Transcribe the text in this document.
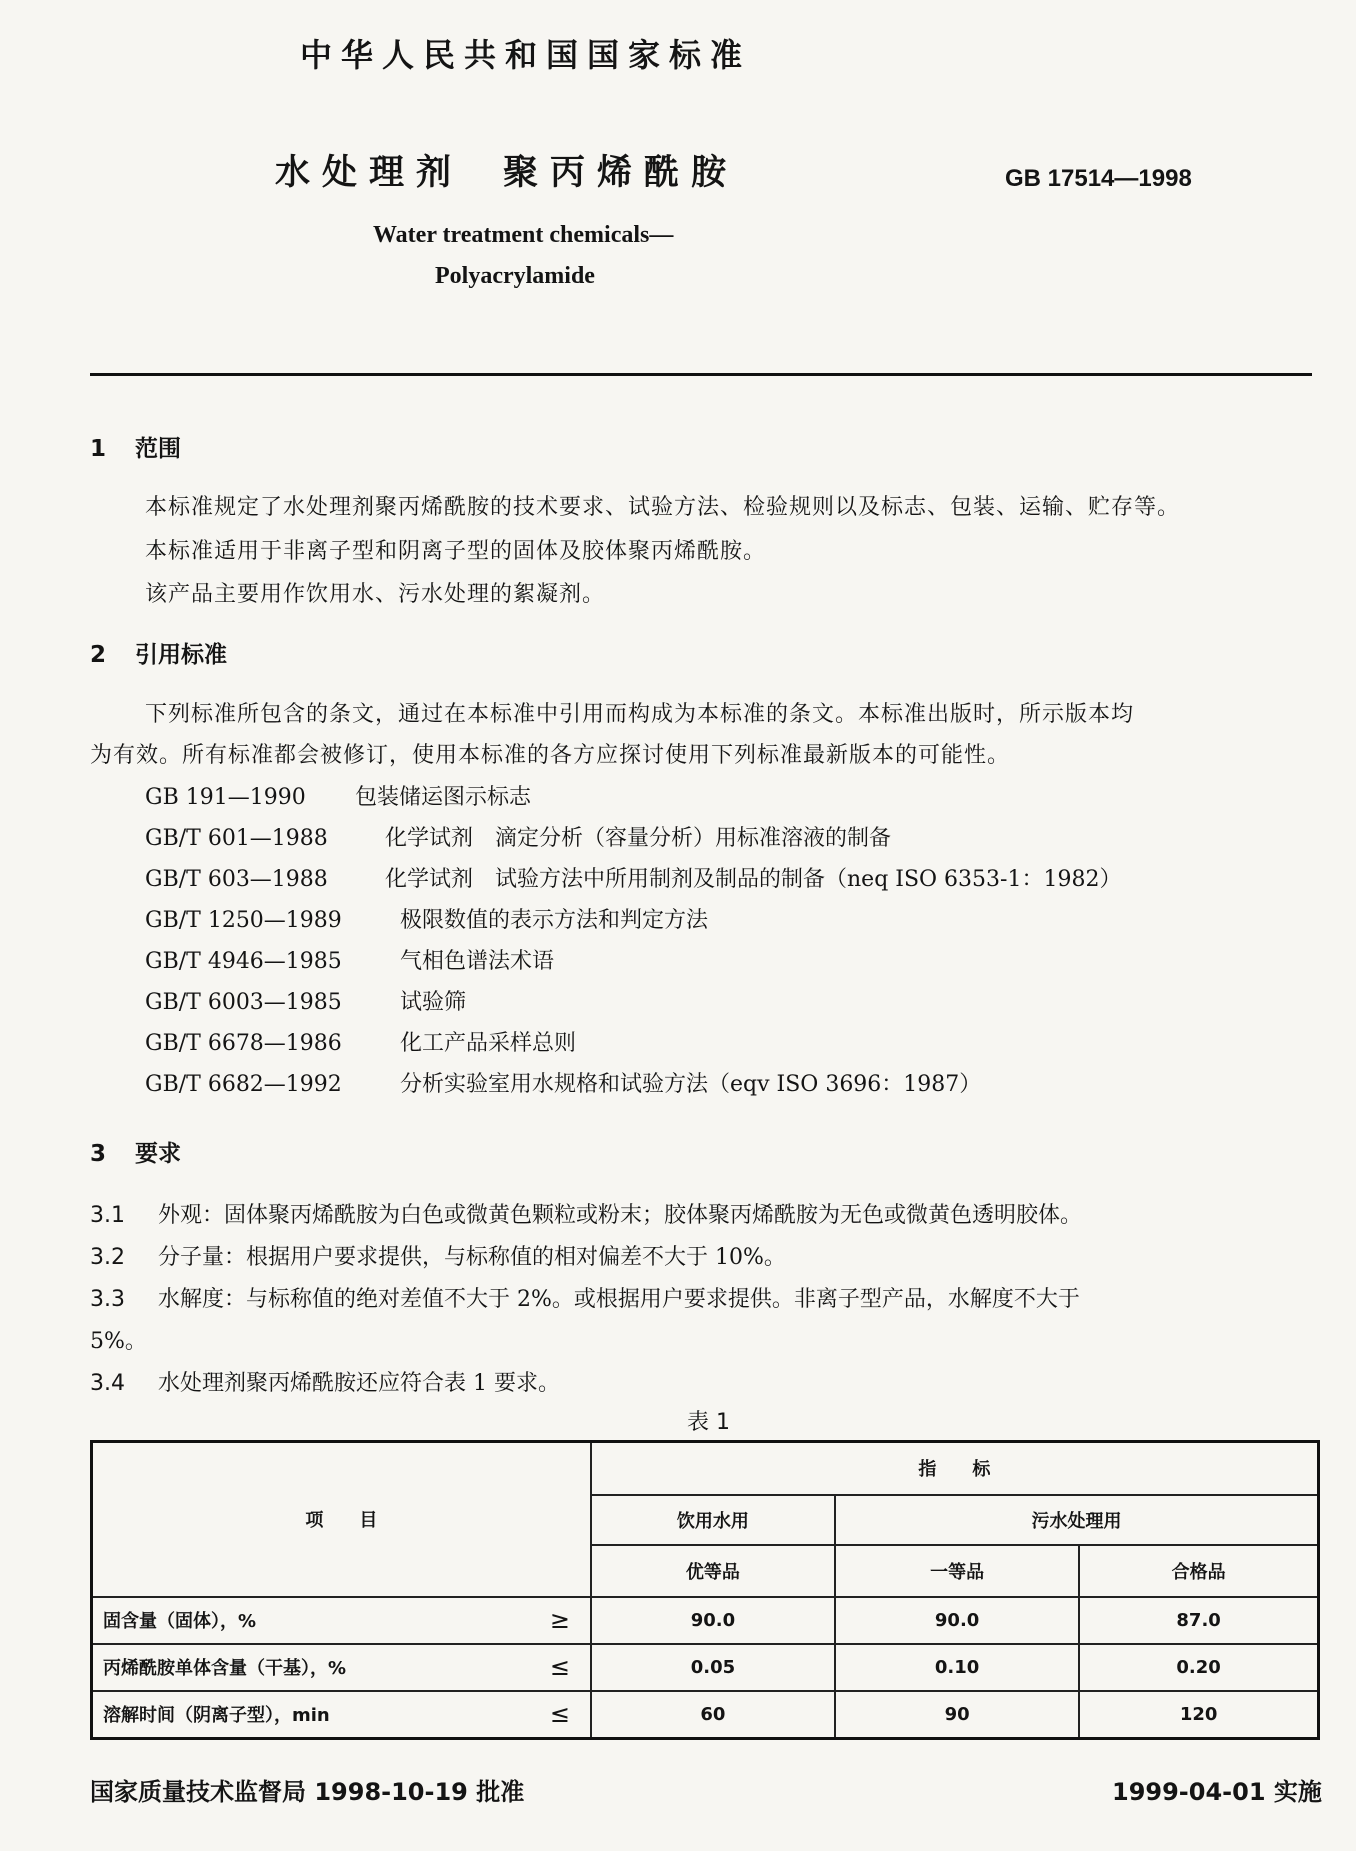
中华人民共和国国家标准
水处理剂 聚丙烯酰胺	GB 17514—1998
Water treatment chemicals—
Polyacrylamide
1 范围
本标准规定了水处理剂聚丙烯酰胺的技术要求、试验方法、检验规则以及标志、包装、运输、贮存等。
本标准适用于非离子型和阴离子型的固体及胶体聚丙烯酰胺。
该产品主要用作饮用水、污水处理的絮凝剂。
2 引用标准
下列标准所包含的条文，通过在本标准中引用而构成为本标准的条文。本标准出版时，所示版本均
为有效。所有标准都会被修订，使用本标准的各方应探讨使用下列标准最新版本的可能性。
GB 191—1990 包装储运图示标志
GB/T 601—1988	化学试剂　滴定分析（容量分析）用标准溶液的制备
GB/T 603—1988	化学试剂　试验方法中所用制剂及制品的制备（neq ISO 6353-1：1982）
GB/T 1250—1989	极限数值的表示方法和判定方法
GB/T 4946—1985	气相色谱法术语
GB/T 6003—1985	试验筛
GB/T 6678—1986	化工产品采样总则
GB/T 6682—1992	分析实验室用水规格和试验方法（eqv ISO 3696：1987）
3 要求
3.1 外观：固体聚丙烯酰胺为白色或微黄色颗粒或粉末；胶体聚丙烯酰胺为无色或微黄色透明胶体。
3.2 分子量：根据用户要求提供，与标称值的相对偏差不大于 10%。
3.3 水解度：与标称值的绝对差值不大于 2%。或根据用户要求提供。非离子型产品，水解度不大于
5%。
3.4 水处理剂聚丙烯酰胺还应符合表 1 要求。
表 1
项　　目		指　　标		
		饮用水用	污水处理用	
		优等品	一等品	合格品
固含量（固体），%	≥	90.0	90.0	87.0
丙烯酰胺单体含量（干基），%	≤	0.05	0.10	0.20
溶解时间（阴离子型），min	≤	60	90	120
国家质量技术监督局 1998-10-19 批准	1999-04-01 实施
